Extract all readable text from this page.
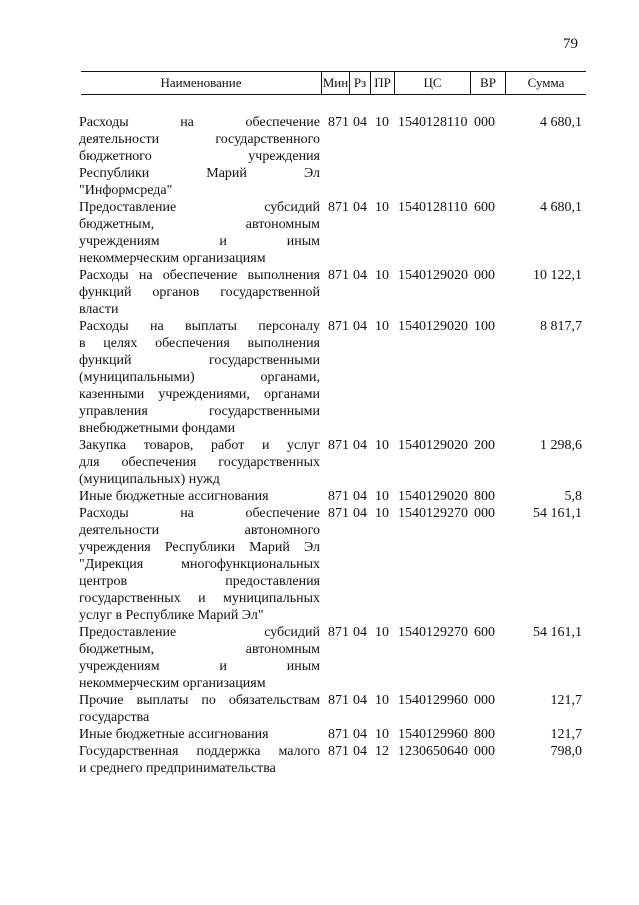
79
Наименование	Мин Рз ПР	ЦС	ВР	Сумма
Расходы на обеспечение
деятельности государственного
бюджетного учреждения
Республики Марий Эл
"Информсреда"
871 04 10 1540128110 000	4 680,1
Предоставление субсидий
бюджетным, автономным
учреждениям и иным
некоммерческим организациям
871 04 10 1540128110 600	4 680,1
Расходы на обеспечение выполнения
функций органов государственной
власти
871 04 10 1540129020 000	10 122,1
Расходы на выплаты персоналу
в целях обеспечения выполнения
функций государственными
(муниципальными) органами,
казенными учреждениями, органами
управления государственными
внебюджетными фондами
871 04 10 1540129020 100	8 817,7
Закупка товаров, работ и услуг
для обеспечения государственных
(муниципальных) нужд
871 04 10 1540129020 200	1 298,6
Иные бюджетные ассигнования	871 04 10 1540129020 800	5,8
Расходы на обеспечение
деятельности автономного
учреждения Республики Марий Эл
"Дирекция многофункциональных
центров предоставления
государственных и муниципальных
услуг в Республике Марий Эл"
871 04 10 1540129270 000	54 161,1
Предоставление субсидий
бюджетным, автономным
учреждениям и иным
некоммерческим организациям
871 04 10 1540129270 600	54 161,1
Прочие выплаты по обязательствам
государства
871 04 10 1540129960 000	121,7
Иные бюджетные ассигнования	871 04 10 1540129960 800	121,7
Государственная поддержка малого
и среднего предпринимательства
871 04 12 1230650640 000	798,0
